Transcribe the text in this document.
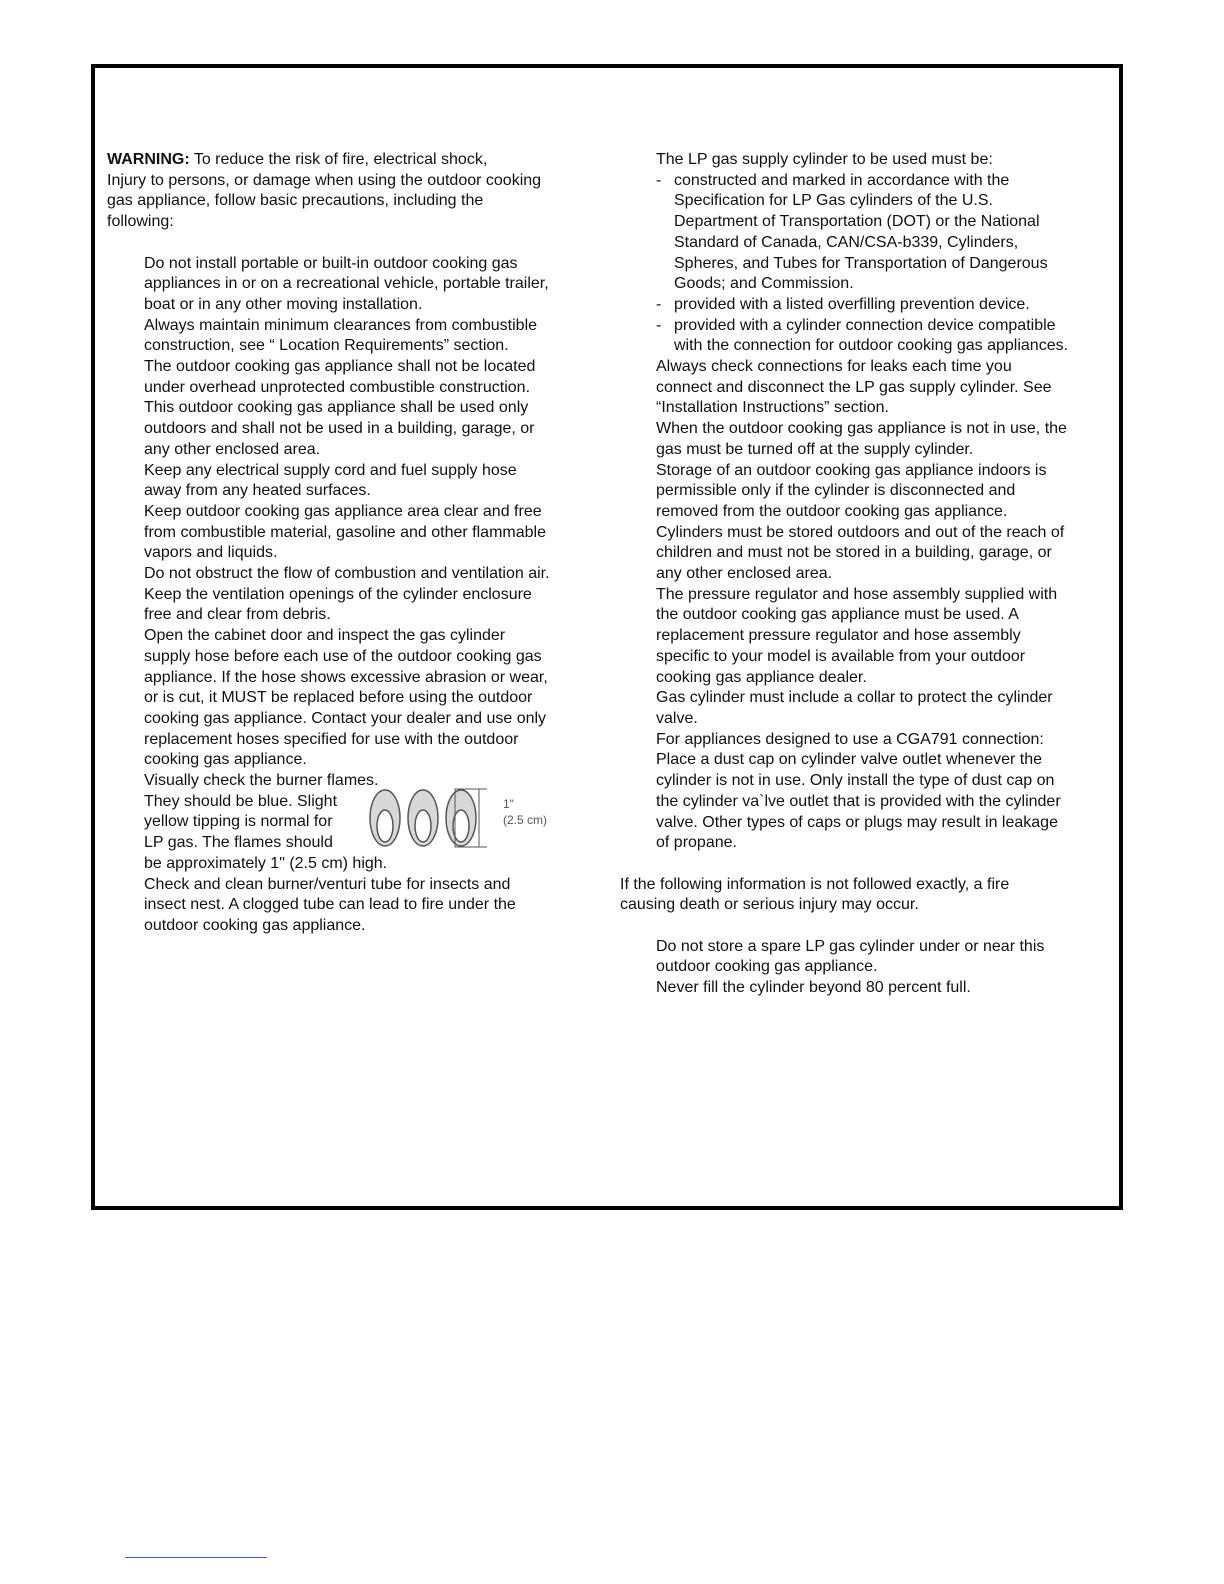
WARNING: To reduce the risk of fire, electrical shock,
Injury to persons, or damage when using the outdoor cooking
gas appliance, follow basic precautions, including the
following:
Do not install portable or built-in outdoor cooking gas
appliances in or on a recreational vehicle, portable trailer,
boat or in any other moving installation.
Always maintain minimum clearances from combustible
construction, see “ Location Requirements” section.
The outdoor cooking gas appliance shall not be located
under overhead unprotected combustible construction.
This outdoor cooking gas appliance shall be used only
outdoors and shall not be used in a building, garage, or
any other enclosed area.
Keep any electrical supply cord and fuel supply hose
away from any heated surfaces.
Keep outdoor cooking gas appliance area clear and free
from combustible material, gasoline and other flammable
vapors and liquids.
Do not obstruct the flow of combustion and ventilation air.
Keep the ventilation openings of the cylinder enclosure
free and clear from debris.
Open the cabinet door and inspect the gas cylinder
supply hose before each use of the outdoor cooking gas
appliance. If the hose shows excessive abrasion or wear,
or is cut, it MUST be replaced before using the outdoor
cooking gas appliance. Contact your dealer and use only
replacement hoses specified for use with the outdoor
cooking gas appliance.
Visually check the burner flames.
They should be blue. Slight
yellow tipping is normal for
LP gas. The flames should
be approximately 1" (2.5 cm) high.
1"
(2.5 cm)
Check and clean burner/venturi tube for insects and
insect nest. A clogged tube can lead to fire under the
outdoor cooking gas appliance.
The LP gas supply cylinder to be used must be:
- constructed and marked in accordance with the
Specification for LP Gas cylinders of the U.S.
Department of Transportation (DOT) or the National
Standard of Canada, CAN/CSA-b339, Cylinders,
Spheres, and Tubes for Transportation of Dangerous
Goods; and Commission.
- provided with a listed overfilling prevention device.
- provided with a cylinder connection device compatible
with the connection for outdoor cooking gas appliances.
Always check connections for leaks each time you
connect and disconnect the LP gas supply cylinder. See
“Installation Instructions” section.
When the outdoor cooking gas appliance is not in use, the
gas must be turned off at the supply cylinder.
Storage of an outdoor cooking gas appliance indoors is
permissible only if the cylinder is disconnected and
removed from the outdoor cooking gas appliance.
Cylinders must be stored outdoors and out of the reach of
children and must not be stored in a building, garage, or
any other enclosed area.
The pressure regulator and hose assembly supplied with
the outdoor cooking gas appliance must be used. A
replacement pressure regulator and hose assembly
specific to your model is available from your outdoor
cooking gas appliance dealer.
Gas cylinder must include a collar to protect the cylinder
valve.
For appliances designed to use a CGA791 connection:
Place a dust cap on cylinder valve outlet whenever the
cylinder is not in use. Only install the type of dust cap on
the cylinder va`lve outlet that is provided with the cylinder
valve. Other types of caps or plugs may result in leakage
of propane.
If the following information is not followed exactly, a fire
causing death or serious injury may occur.
Do not store a spare LP gas cylinder under or near this
outdoor cooking gas appliance.
Never fill the cylinder beyond 80 percent full.
